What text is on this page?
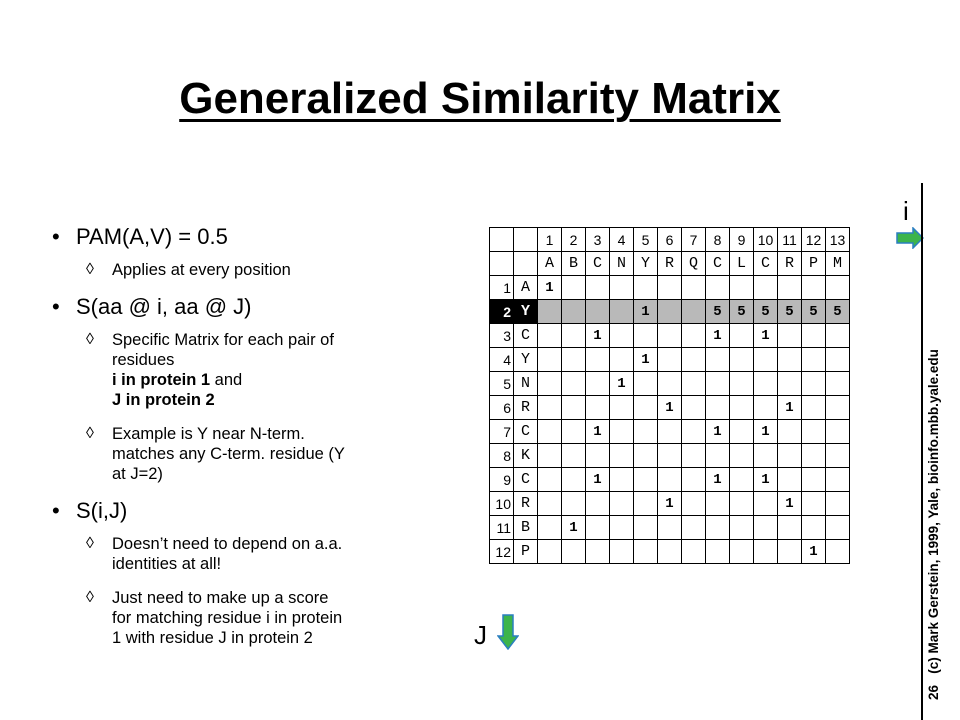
Generalized Similarity Matrix
• PAM(A,V) = 0.5
◊ Applies at every position
• S(aa @ i, aa @ J)
◊ Specific Matrix for each pair of
residues
i in protein 1 and
J in protein 2
◊ Example is Y near N-term.
matches any C-term. residue (Y
at J=2)
• S(i,J)
◊ Doesn’t need to depend on a.a.
identities at all!
◊ Just need to make up a score
for matching residue i in protein
1 with residue J in protein 2
		1	2	3	4	5	6	7	8	9	10	11	12	13
		A	B	C	N	Y	R	Q	C	L	C	R	P	M
1	A	1												
2	Y					1			5	5	5	5	5	5
3	C			1					1		1			
4	Y					1								
5	N				1									
6	R						1					1		
7	C			1					1		1			
8	K													
9	C			1					1		1			
10	R						1					1		
11	B		1											
12	P												1	
i
J
26   (c) Mark Gerstein, 1999, Yale, bioinfo.mbb.yale.edu
